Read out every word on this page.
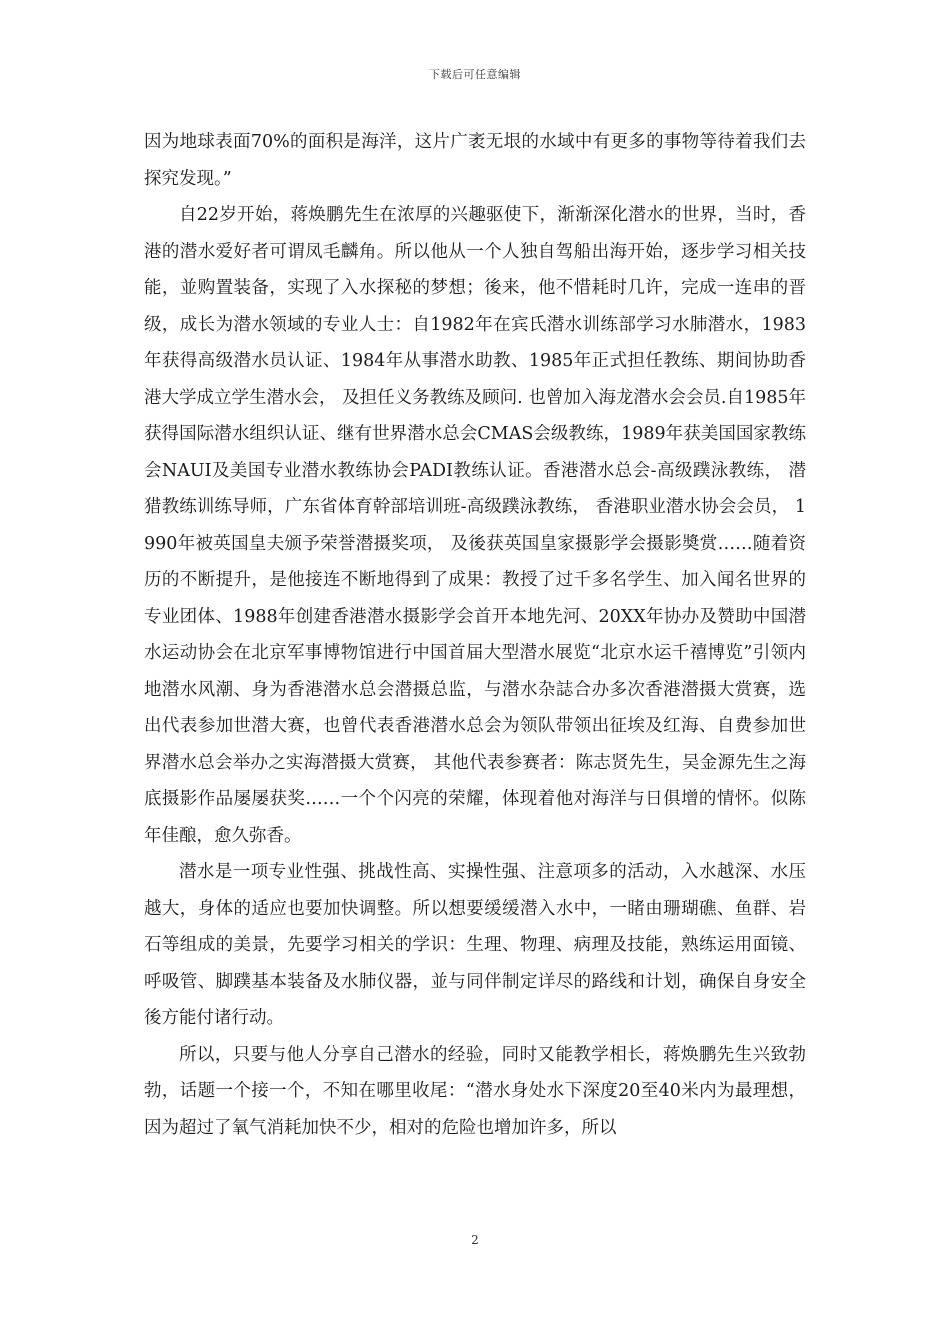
下载后可任意编辑

因为地球表面70%的面积是海洋，这片广袤无垠的水域中有更多的事物等待着我们去探究发现。”

自22岁开始，蒋焕鹏先生在浓厚的兴趣驱使下，渐渐深化潜水的世界，当时，香港的潜水爱好者可谓凤毛麟角。所以他从一个人独自驾船出海开始，逐步学习相关技能，並购置装备，实现了入水探秘的梦想；後来，他不惜耗时几许，完成一连串的晋级，成长为潜水领域的专业人士：自1982年在宾氏潜水训练部学习水肺潜水，1983年获得高级潜水员认证、1984年从事潜水助教、1985年正式担任教练、期间协助香港大学成立学生潜水会， 及担任义务教练及顾问. 也曾加入海龙潜水会会员.自1985年获得国际潜水组织认证、继有世界潜水总会CMAS会级教练，1989年获美国国家教练会NAUI及美国专业潜水教练协会PADI教练认证。香港潜水总会-高级蹼泳教练， 潜猎教练训练导师，广东省体育幹部培训班-高级蹼泳教练， 香港职业潜水协会会员， 1990年被英国皇夫颁予荣誉潜摄奖项， 及後获英国皇家摄影学会摄影奬赏……随着资历的不断提升，是他接连不断地得到了成果：教授了过千多名学生、加入闻名世界的专业团体、1988年创建香港潜水摄影学会首开本地先河、20XX年协办及赞助中国潜水运动协会在北京军事博物馆进行中国首届大型潜水展览“北京水运千禧博览”引领内地潜水风潮、身为香港潜水总会潜摄总监，与潜水杂誌合办多次香港潜摄大赏赛，选出代表参加世潜大赛，也曾代表香港潜水总会为领队带领出征埃及红海、自费参加世界潜水总会举办之实海潜摄大赏赛， 其他代表参赛者：陈志贤先生，吴金源先生之海底摄影作品屡屡获奖……一个个闪亮的荣耀，体现着他对海洋与日俱增的情怀。似陈年佳酿，愈久弥香。

潜水是一项专业性强、挑战性高、实操性强、注意项多的活动，入水越深、水压越大，身体的适应也要加快调整。所以想要缓缓潜入水中，一睹由珊瑚礁、鱼群、岩石等组成的美景，先要学习相关的学识：生理、物理、病理及技能，熟练运用面镜、呼吸管、脚蹼基本装备及水肺仪器，並与同伴制定详尽的路线和计划，确保自身安全後方能付诸行动。

所以，只要与他人分享自己潜水的经验，同时又能教学相长，蒋焕鹏先生兴致勃勃，话题一个接一个，不知在哪里收尾：“潜水身处水下深度20至40米内为最理想，因为超过了氧气消耗加快不少，相对的危险也增加许多，所以

2
